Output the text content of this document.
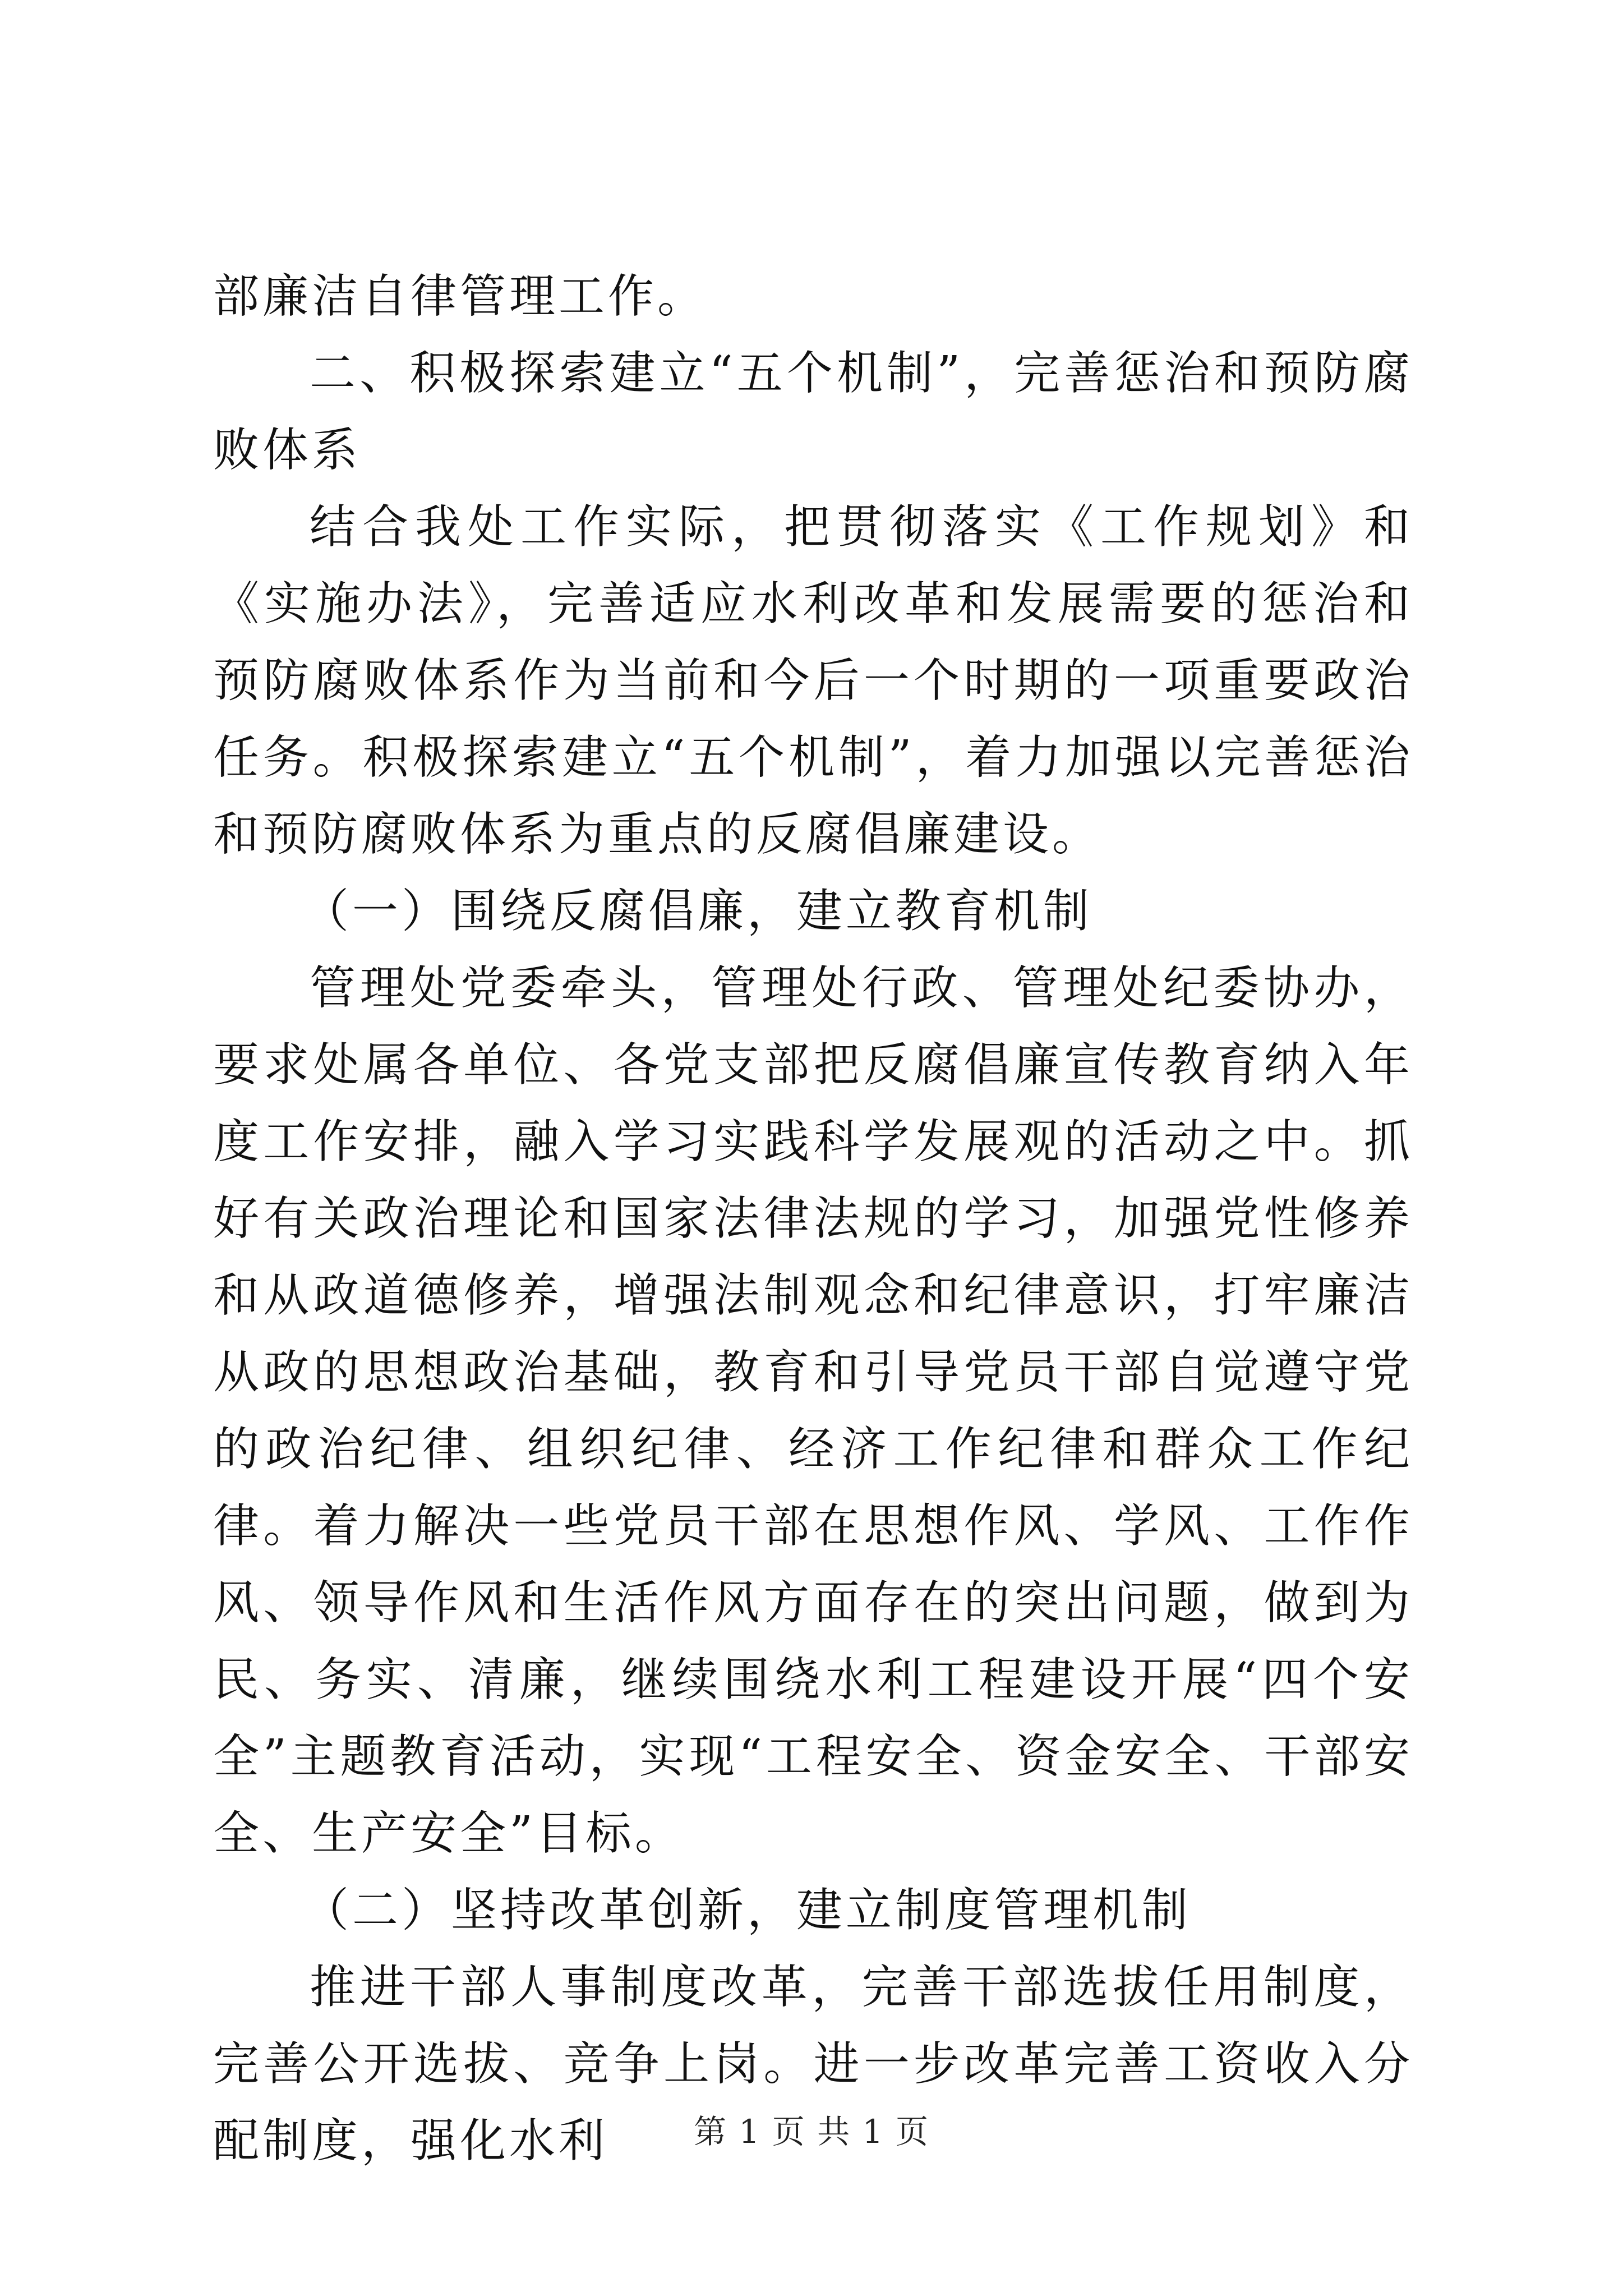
部廉洁自律管理工作。

二、积极探索建立“五个机制”，完善惩治和预防腐败体系

结合我处工作实际，把贯彻落实《工作规划》和《实施办法》，完善适应水利改革和发展需要的惩治和预防腐败体系作为当前和今后一个时期的一项重要政治任务。积极探索建立“五个机制”，着力加强以完善惩治和预防腐败体系为重点的反腐倡廉建设。

（一）围绕反腐倡廉，建立教育机制

管理处党委牵头，管理处行政、管理处纪委协办，要求处属各单位、各党支部把反腐倡廉宣传教育纳入年度工作安排，融入学习实践科学发展观的活动之中。抓好有关政治理论和国家法律法规的学习，加强党性修养和从政道德修养，增强法制观念和纪律意识，打牢廉洁从政的思想政治基础，教育和引导党员干部自觉遵守党的政治纪律、组织纪律、经济工作纪律和群众工作纪律。着力解决一些党员干部在思想作风、学风、工作作风、领导作风和生活作风方面存在的突出问题，做到为民、务实、清廉，继续围绕水利工程建设开展“四个安全”主题教育活动，实现“工程安全、资金安全、干部安全、生产安全”目标。

（二）坚持改革创新，建立制度管理机制

推进干部人事制度改革，完善干部选拔任用制度，完善公开选拔、竞争上岗。进一步改革完善工资收入分配制度，强化水利	第 1 页 共 1 页
